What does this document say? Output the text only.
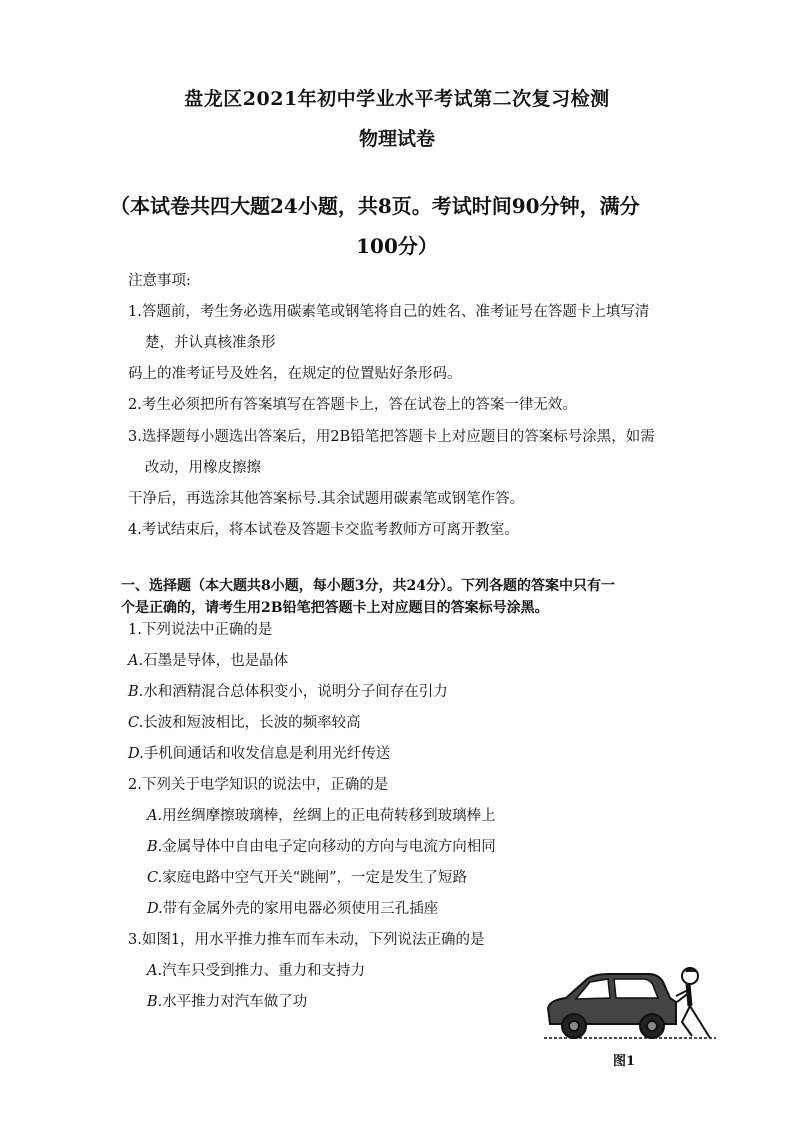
盘龙区2021年初中学业水平考试第二次复习检测
物理试卷
（本试卷共四大题24小题，共8页。考试时间90分钟，满分
100分）
注意事项:
1.答题前，考生务必选用碳素笔或钢笔将自己的姓名、准考证号在答题卡上填写清
楚，并认真核准条形
码上的准考证号及姓名，在规定的位置贴好条形码。
2.考生必须把所有答案填写在答题卡上，答在试卷上的答案一律无效。
3.选择题每小题选出答案后，用2B铅笔把答题卡上对应题目的答案标号涂黑，如需
改动，用橡皮擦擦
干净后，再选涂其他答案标号.其余试题用碳素笔或钢笔作答。
4.考试结束后，将本试卷及答题卡交监考教师方可离开教室。
一、选择题（本大题共8小题，每小题3分，共24分）。下列各题的答案中只有一
个是正确的，请考生用2B铅笔把答题卡上对应题目的答案标号涂黑。
1.下列说法中正确的是
A.石墨是导体，也是晶体
B.水和酒精混合总体积变小，说明分子间存在引力
C.长波和短波相比，长波的频率较高
D.手机间通话和收发信息是利用光纤传送
2.下列关于电学知识的说法中，正确的是
A.用丝绸摩擦玻璃棒，丝绸上的正电荷转移到玻璃棒上
B.金属导体中自由电子定向移动的方向与电流方向相同
C.家庭电路中空气开关“跳闸”，一定是发生了短路
D.带有金属外壳的家用电器必须使用三孔插座
3.如图1，用水平推力推车而车未动，下列说法正确的是
A.汽车只受到推力、重力和支持力
B.水平推力对汽车做了功
图1
